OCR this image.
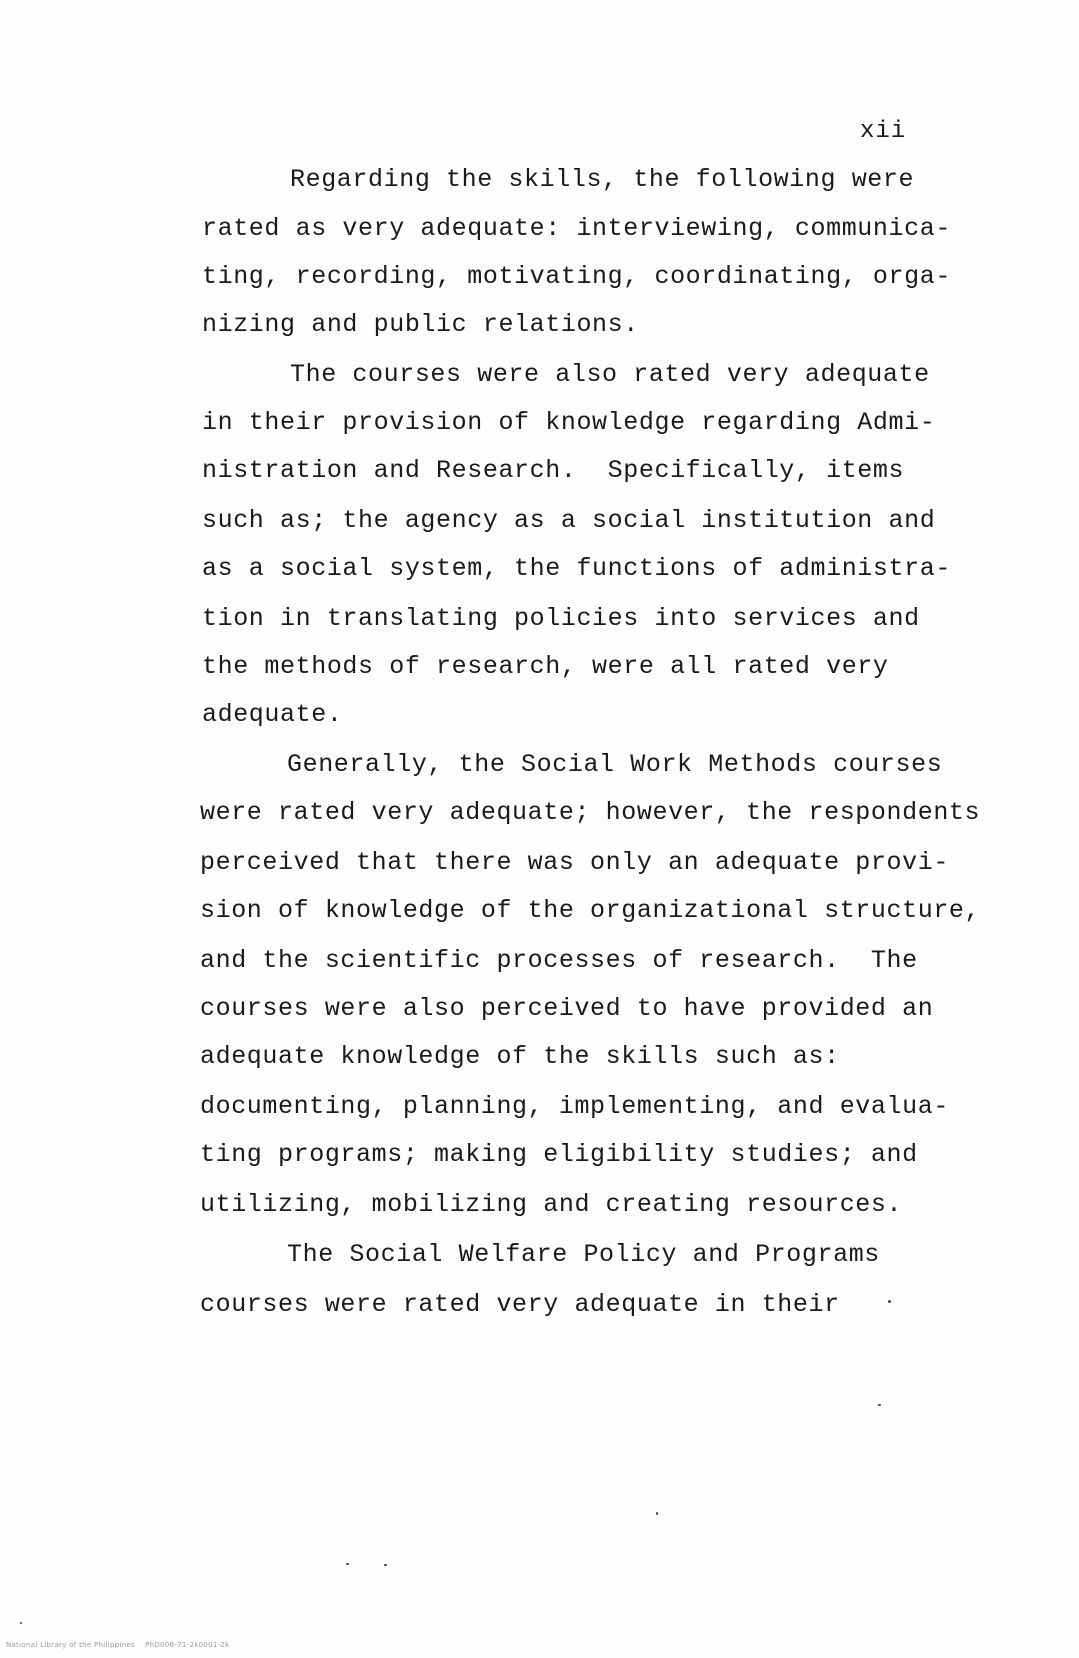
xii
Regarding the skills, the following were
rated as very adequate: interviewing, communica-
ting, recording, motivating, coordinating, orga-
nizing and public relations.
The courses were also rated very adequate
in their provision of knowledge regarding Admi-
nistration and Research.  Specifically, items
such as; the agency as a social institution and
as a social system, the functions of administra-
tion in translating policies into services and
the methods of research, were all rated very
adequate.
Generally, the Social Work Methods courses
were rated very adequate; however, the respondents
perceived that there was only an adequate provi-
sion of knowledge of the organizational structure,
and the scientific processes of research.  The
courses were also perceived to have provided an
adequate knowledge of the skills such as:
documenting, planning, implementing, and evalua-
ting programs; making eligibility studies; and
utilizing, mobilizing and creating resources.
The Social Welfare Policy and Programs
courses were rated very adequate in their
National Library of the Philippines    PhD006-71-2k0001-2k
